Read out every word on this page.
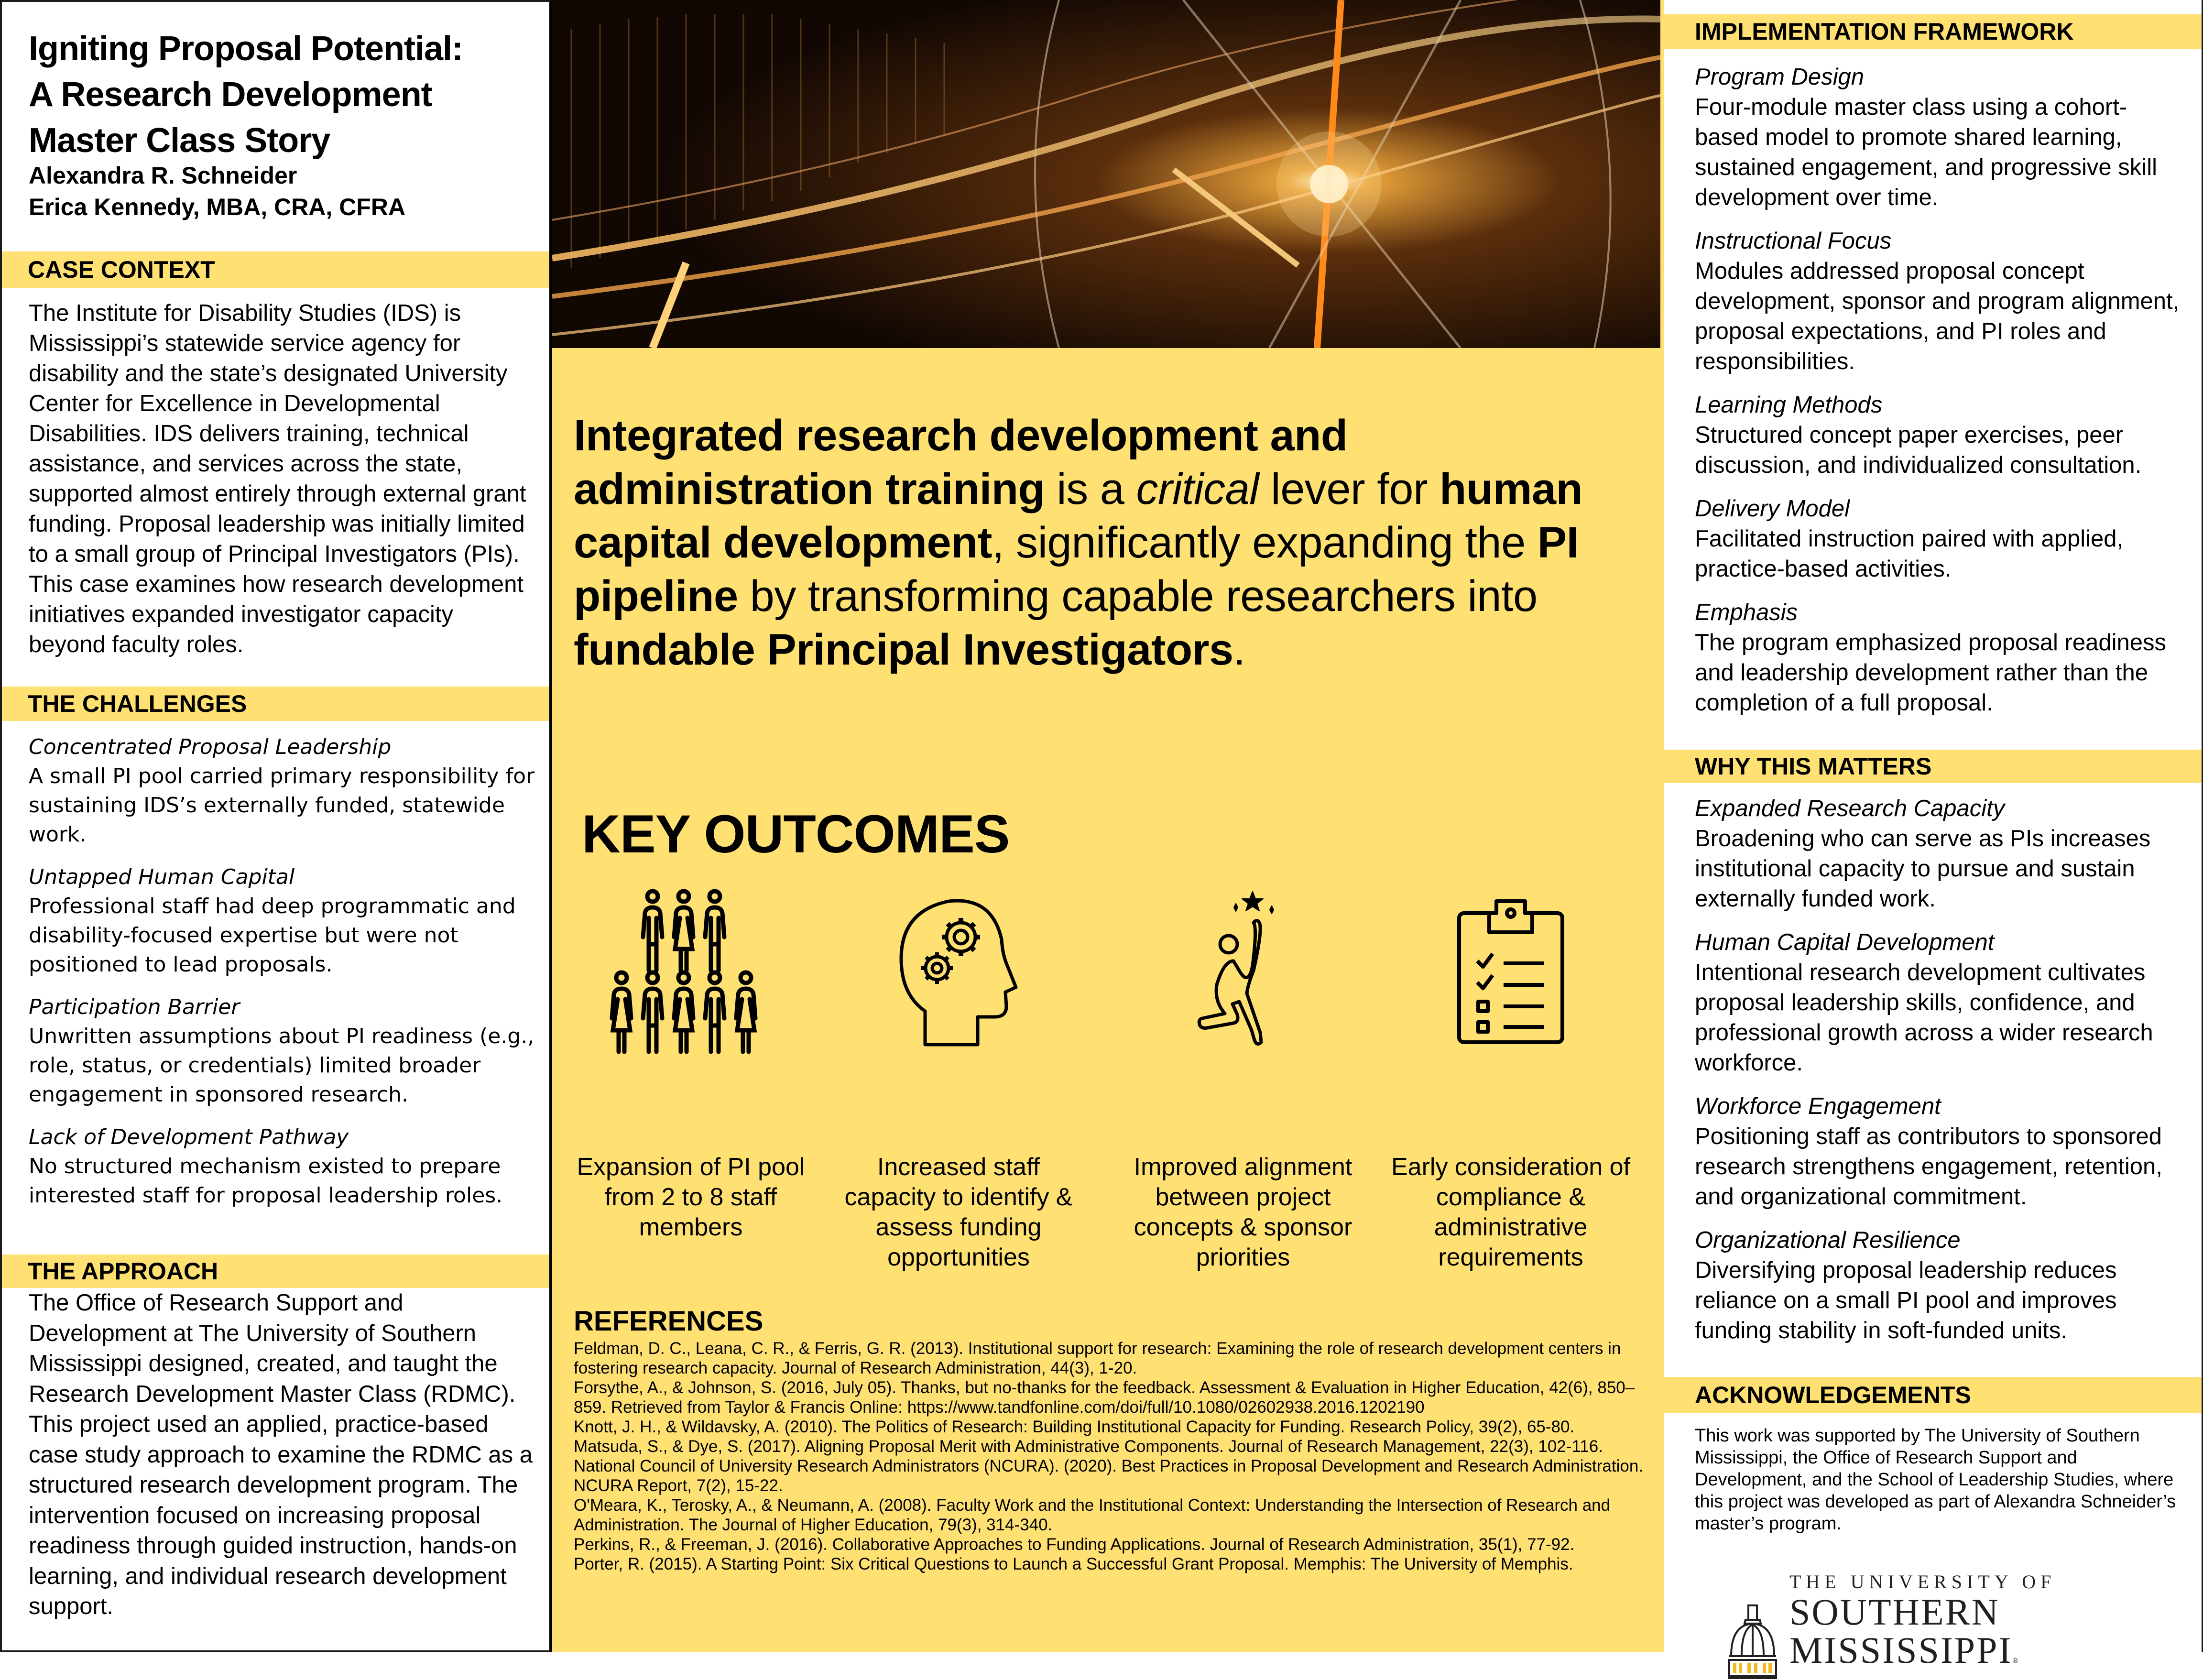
Igniting Proposal Potential:
A Research Development
Master Class Story
Alexandra R. Schneider
Erica Kennedy, MBA, CRA, CFRA
CASE CONTEXT
The Institute for Disability Studies (IDS) is Mississippi’s statewide service agency for disability and the state’s designated University Center for Excellence in Developmental Disabilities. IDS delivers training, technical assistance, and services across the state, supported almost entirely through external grant funding. Proposal leadership was initially limited to a small group of Principal Investigators (PIs). This case examines how research development initiatives expanded investigator capacity beyond faculty roles.
THE CHALLENGES
Concentrated Proposal Leadership
A small PI pool carried primary responsibility for sustaining IDS’s externally funded, statewide work.
Untapped Human Capital
Professional staff had deep programmatic and disability-focused expertise but were not positioned to lead proposals.
Participation Barrier
Unwritten assumptions about PI readiness (e.g., role, status, or credentials) limited broader engagement in sponsored research.
Lack of Development Pathway
No structured mechanism existed to prepare interested staff for proposal leadership roles.
THE APPROACH
The Office of Research Support and Development at The University of Southern Mississippi designed, created, and taught the Research Development Master Class (RDMC). This project used an applied, practice-based case study approach to examine the RDMC as a structured research development program. The intervention focused on increasing proposal readiness through guided instruction, hands-on learning, and individual research development support.
Integrated research development and administration training is a critical lever for human capital development, significantly expanding the PI pipeline by transforming capable researchers into fundable Principal Investigators.
KEY OUTCOMES
Expansion of PI pool from 2 to 8 staff members
Increased staff capacity to identify & assess funding opportunities
Improved alignment between project concepts & sponsor priorities
Early consideration of compliance & administrative requirements
REFERENCES

Feldman, D. C., Leana, C. R., & Ferris, G. R. (2013). Institutional support for research: Examining the role of research development centers in fostering research capacity. Journal of Research Administration, 44(3), 1-20.

Forsythe, A., & Johnson, S. (2016, July 05). Thanks, but no-thanks for the feedback. Assessment & Evaluation in Higher Education, 42(6), 850–859. Retrieved from Taylor & Francis Online: https://www.tandfonline.com/doi/full/10.1080/02602938.2016.1202190

Knott, J. H., & Wildavsky, A. (2010). The Politics of Research: Building Institutional Capacity for Funding. Research Policy, 39(2), 65-80.

Matsuda, S., & Dye, S. (2017). Aligning Proposal Merit with Administrative Components. Journal of Research Management, 22(3), 102-116.

National Council of University Research Administrators (NCURA). (2020). Best Practices in Proposal Development and Research Administration. NCURA Report, 7(2), 15-22.

O'Meara, K., Terosky, A., & Neumann, A. (2008). Faculty Work and the Institutional Context: Understanding the Intersection of Research and Administration. The Journal of Higher Education, 79(3), 314-340.

Perkins, R., & Freeman, J. (2016). Collaborative Approaches to Funding Applications. Journal of Research Administration, 35(1), 77-92.

Porter, R. (2015). A Starting Point: Six Critical Questions to Launch a Successful Grant Proposal. Memphis: The University of Memphis.

IMPLEMENTATION FRAMEWORK
Program Design
Four-module master class using a cohort-based model to promote shared learning, sustained engagement, and progressive skill development over time.
Instructional Focus
Modules addressed proposal concept development, sponsor and program alignment, proposal expectations, and PI roles and responsibilities.
Learning Methods
Structured concept paper exercises, peer discussion, and individualized consultation.
Delivery Model
Facilitated instruction paired with applied, practice-based activities.
Emphasis
The program emphasized proposal readiness and leadership development rather than the completion of a full proposal.
WHY THIS MATTERS
Expanded Research Capacity
Broadening who can serve as PIs increases institutional capacity to pursue and sustain externally funded work.
Human Capital Development
Intentional research development cultivates proposal leadership skills, confidence, and professional growth across a wider research workforce.
Workforce Engagement
Positioning staff as contributors to sponsored research strengthens engagement, retention, and organizational commitment.
Organizational Resilience
Diversifying proposal leadership reduces reliance on a small PI pool and improves funding stability in soft-funded units.
ACKNOWLEDGEMENTS
This work was supported by The University of Southern Mississippi, the Office of Research Support and Development, and the School of Leadership Studies, where this project was developed as part of Alexandra Schneider’s master’s program.
THE UNIVERSITY OF
SOUTHERN MISSISSIPPI®
